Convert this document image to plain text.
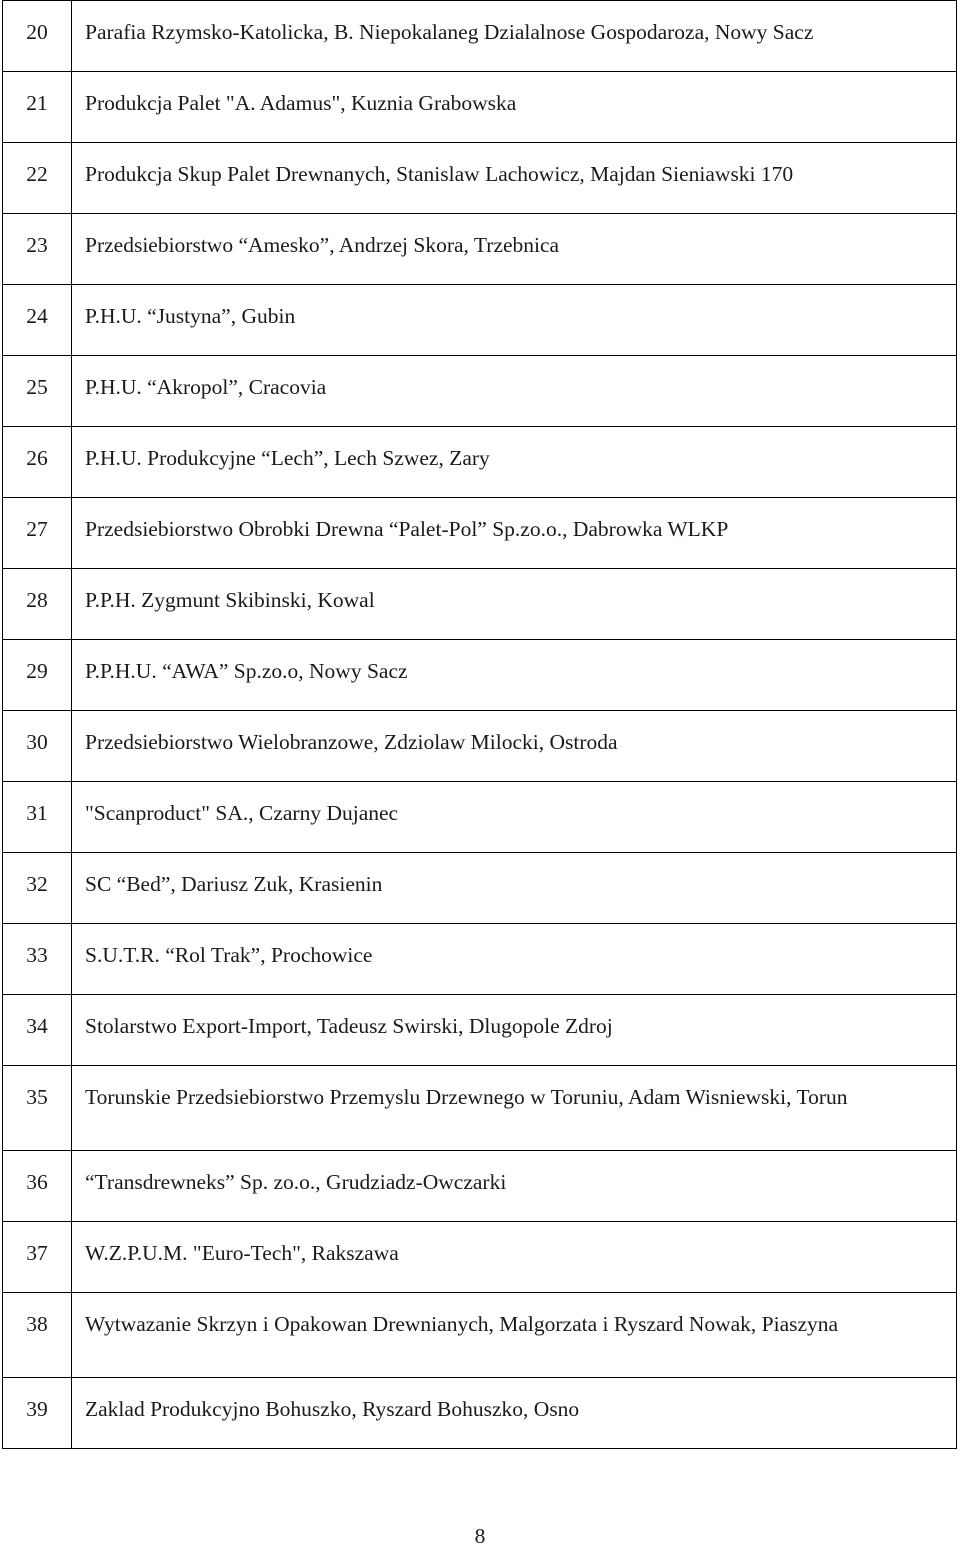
20	Parafia Rzymsko-Katolicka, B. Niepokalaneg Dzialalnose Gospodaroza, Nowy Sacz
21	Produkcja Palet "A. Adamus", Kuznia Grabowska
22	Produkcja Skup Palet Drewnanych, Stanislaw Lachowicz, Majdan Sieniawski 170
23	Przedsiebiorstwo “Amesko”, Andrzej Skora, Trzebnica
24	P.H.U. “Justyna”, Gubin
25	P.H.U. “Akropol”, Cracovia
26	P.H.U. Produkcyjne “Lech”, Lech Szwez, Zary
27	Przedsiebiorstwo Obrobki Drewna “Palet-Pol” Sp.zo.o., Dabrowka WLKP
28	P.P.H. Zygmunt Skibinski, Kowal
29	P.P.H.U. “AWA” Sp.zo.o, Nowy Sacz
30	Przedsiebiorstwo Wielobranzowe, Zdziolaw Milocki, Ostroda
31	"Scanproduct" SA., Czarny Dujanec
32	SC “Bed”, Dariusz Zuk, Krasienin
33	S.U.T.R. “Rol Trak”, Prochowice
34	Stolarstwo Export-Import, Tadeusz Swirski, Dlugopole Zdroj
35	Torunskie Przedsiebiorstwo Przemyslu Drzewnego w Toruniu, Adam Wisniewski, Torun
36	“Transdrewneks” Sp. zo.o., Grudziadz-Owczarki
37	W.Z.P.U.M. "Euro-Tech", Rakszawa
38	Wytwazanie Skrzyn i Opakowan Drewnianych, Malgorzata i Ryszard Nowak, Piaszyna
39	Zaklad Produkcyjno Bohuszko, Ryszard Bohuszko, Osno
8
